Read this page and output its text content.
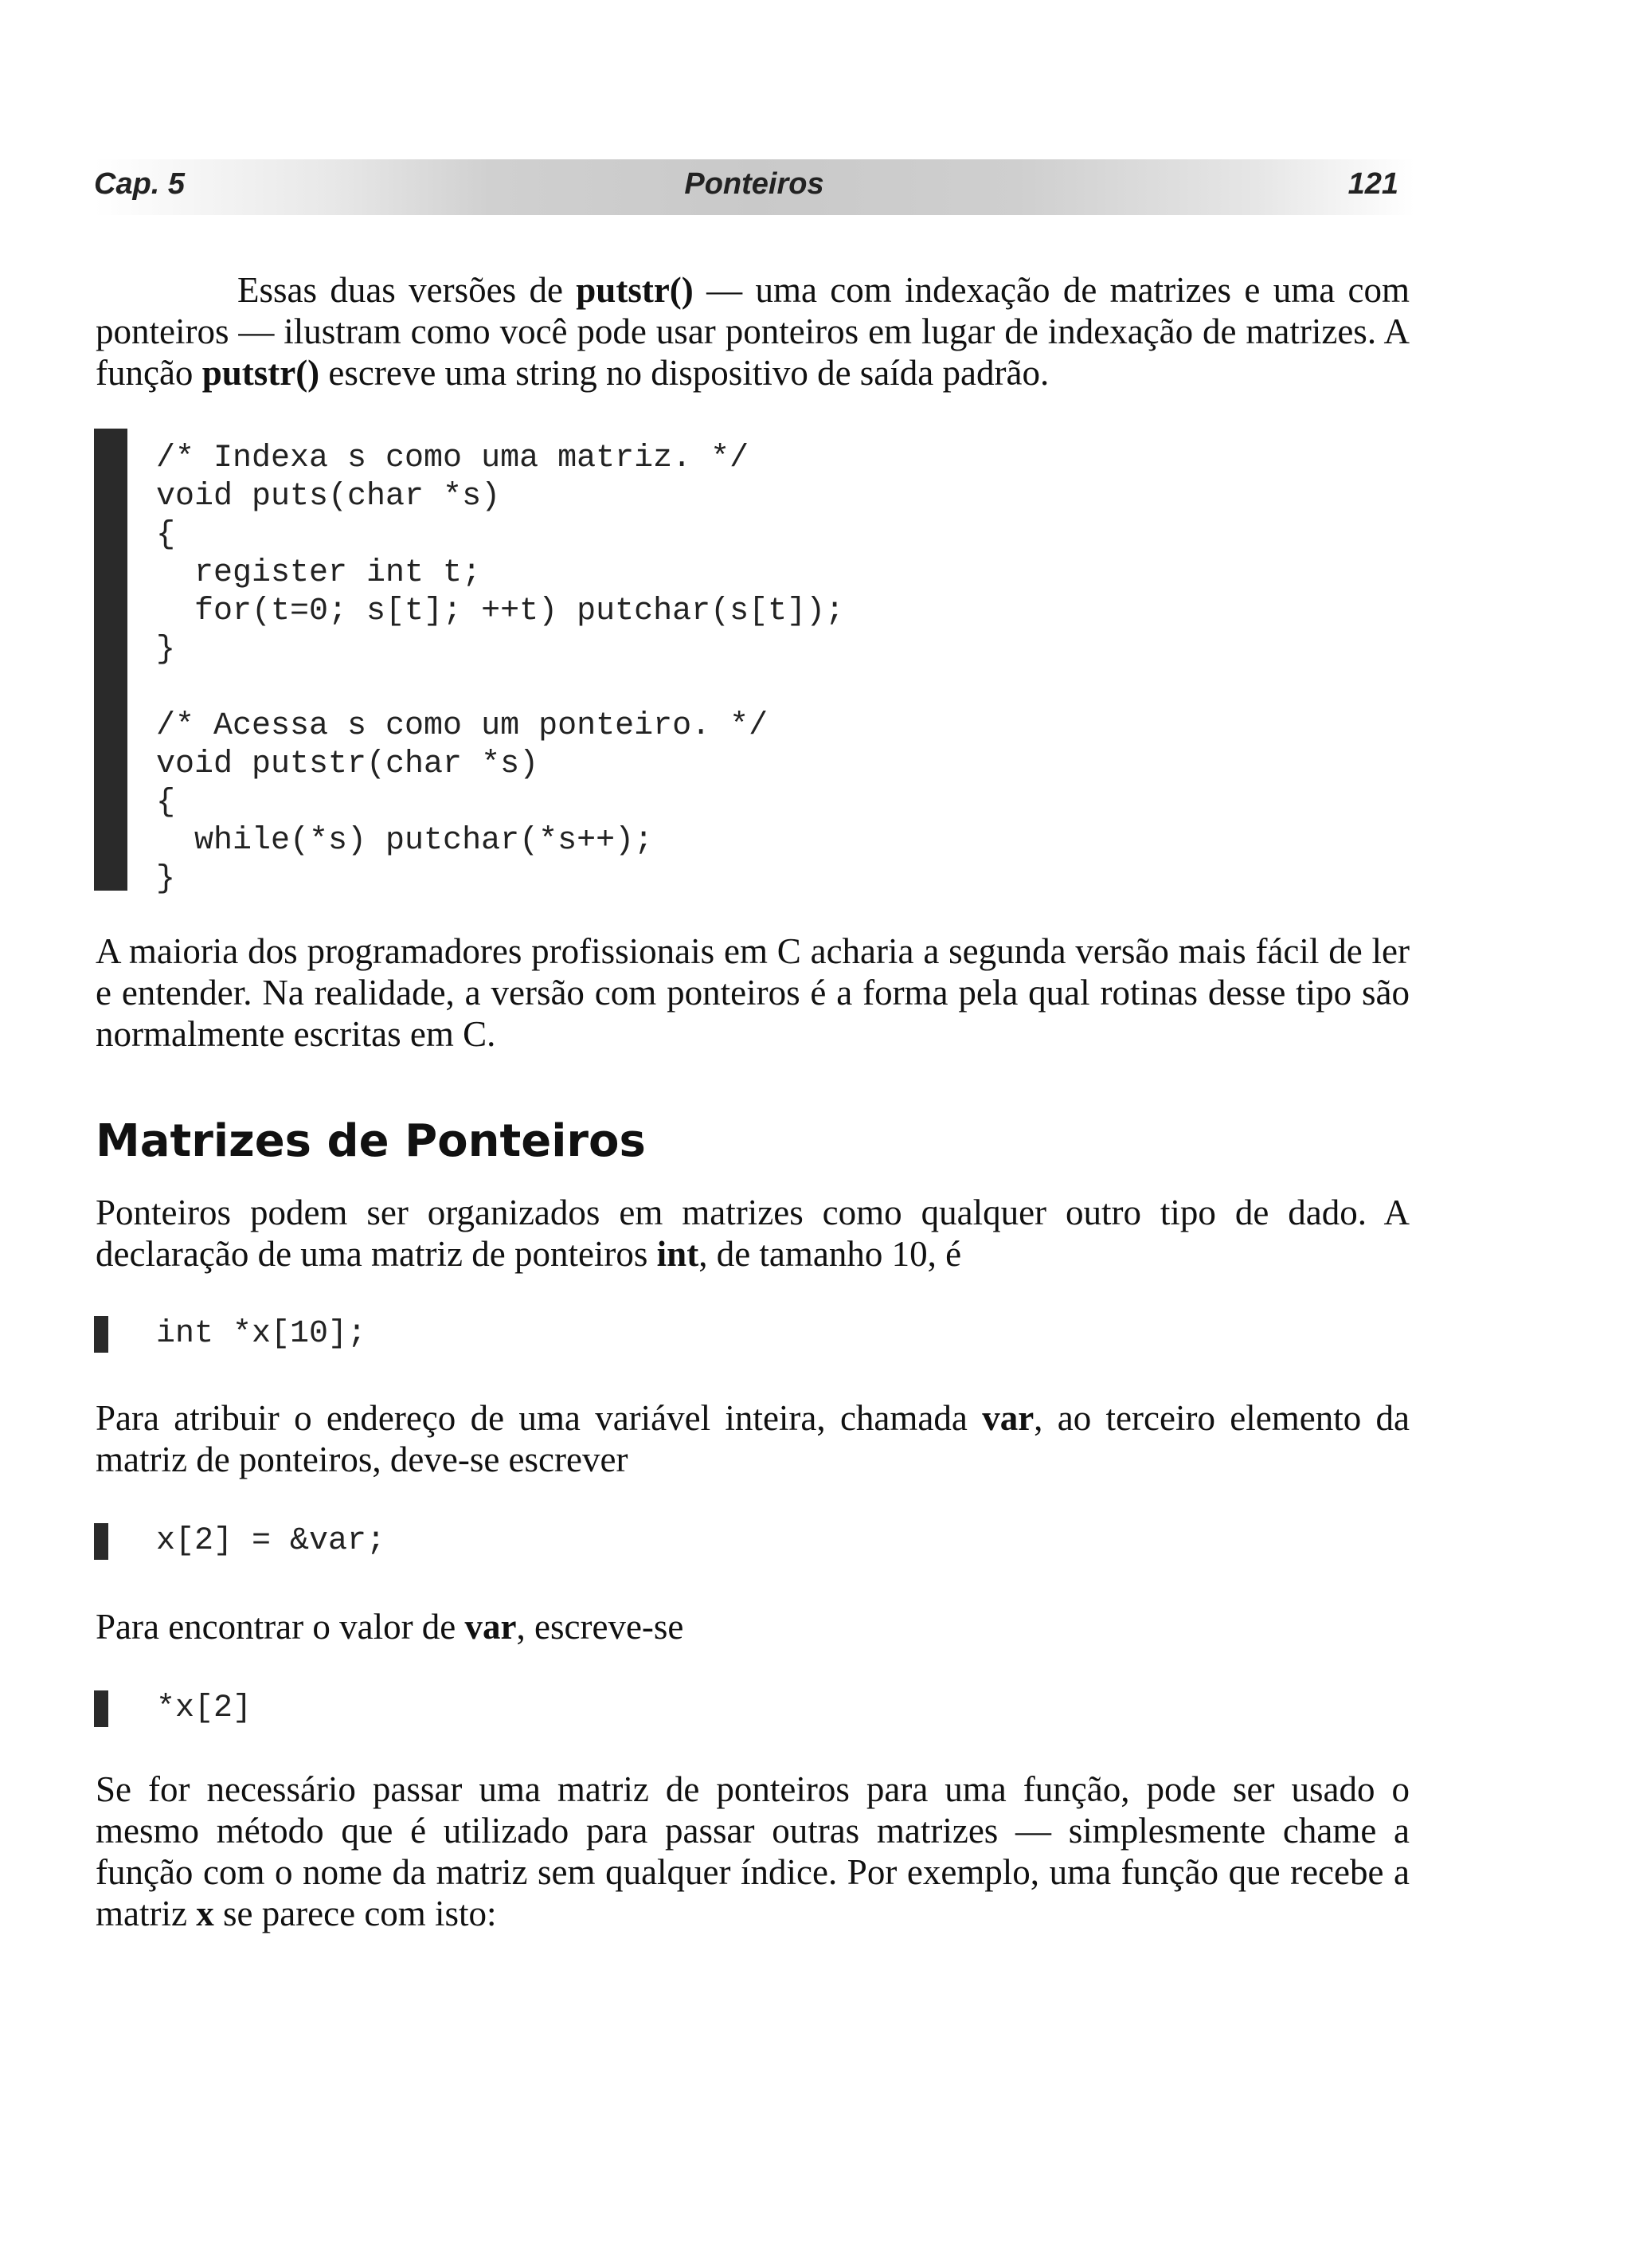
Cap. 5	Ponteiros	121

Essas duas versões de putstr() — uma com indexação de matrizes e uma com ponteiros — ilustram como você pode usar ponteiros em lugar de indexação de matrizes. A função putstr() escreve uma string no dispositivo de saída padrão.

/* Indexa s como uma matriz. */
void puts(char *s)
{
register int t;
for(t=0; s[t]; ++t) putchar(s[t]);
}

/* Acessa s como um ponteiro. */
void putstr(char *s)
{
while(*s) putchar(*s++);
}

A maioria dos programadores profissionais em C acharia a segunda versão mais fácil de ler e entender. Na realidade, a versão com ponteiros é a forma pela qual rotinas desse tipo são normalmente escritas em C.

Matrizes de Ponteiros

Ponteiros podem ser organizados em matrizes como qualquer outro tipo de dado. A declaração de uma matriz de ponteiros int, de tamanho 10, é

int *x[10];

Para atribuir o endereço de uma variável inteira, chamada var, ao terceiro elemento da matriz de ponteiros, deve-se escrever

x[2] = &var;

Para encontrar o valor de var, escreve-se

*x[2]

Se for necessário passar uma matriz de ponteiros para uma função, pode ser usado o mesmo método que é utilizado para passar outras matrizes — simplesmente chame a função com o nome da matriz sem qualquer índice. Por exemplo, uma função que recebe a matriz x se parece com isto:
